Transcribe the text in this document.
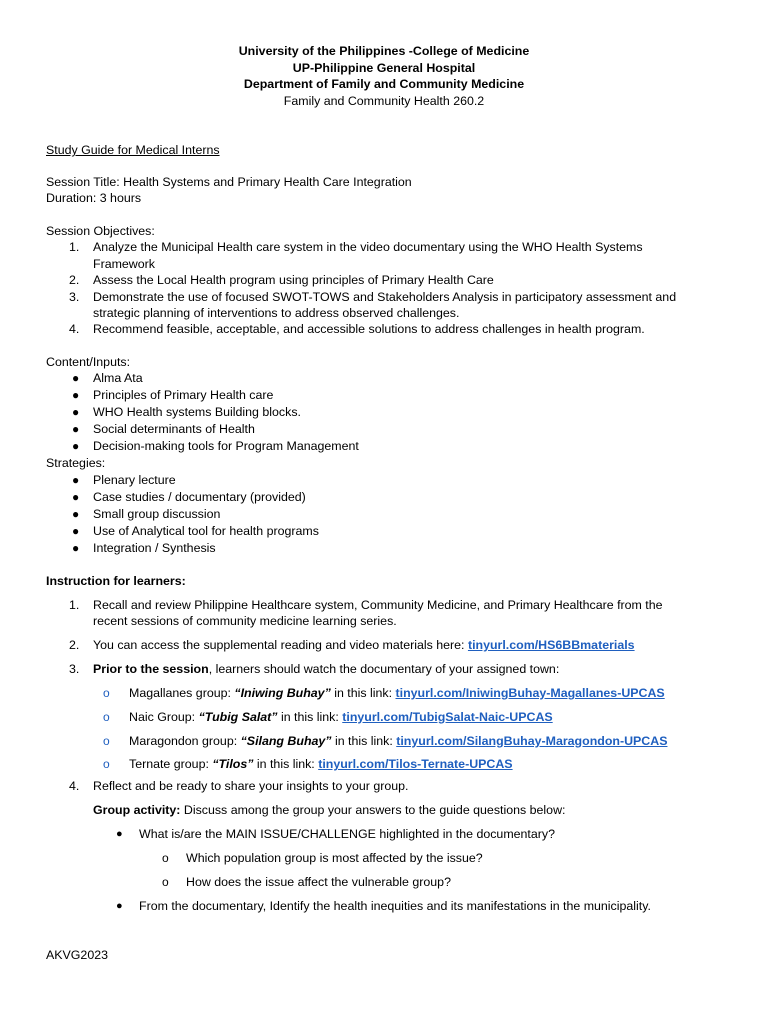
University of the Philippines -College of Medicine
UP-Philippine General Hospital
Department of Family and Community Medicine
Family and Community Health 260.2
Study Guide for Medical Interns
Session Title: Health Systems and Primary Health Care Integration
Duration: 3 hours
Session Objectives:
1. Analyze the Municipal Health care system in the video documentary using the WHO Health Systems
Framework
2. Assess the Local Health program using principles of Primary Health Care
3. Demonstrate the use of focused SWOT-TOWS and Stakeholders Analysis in participatory assessment and
strategic planning of interventions to address observed challenges.
4. Recommend feasible, acceptable, and accessible solutions to address challenges in health program.
Content/Inputs:
● Alma Ata
● Principles of Primary Health care
● WHO Health systems Building blocks.
● Social determinants of Health
● Decision-making tools for Program Management
Strategies:
● Plenary lecture
● Case studies / documentary (provided)
● Small group discussion
● Use of Analytical tool for health programs
● Integration / Synthesis
Instruction for learners:
1. Recall and review Philippine Healthcare system, Community Medicine, and Primary Healthcare from the
recent sessions of community medicine learning series.
2. You can access the supplemental reading and video materials here: tinyurl.com/HS6BBmaterials
3. Prior to the session, learners should watch the documentary of your assigned town:
o Magallanes group: “Iniwing Buhay” in this link: tinyurl.com/IniwingBuhay-Magallanes-UPCAS
o Naic Group: “Tubig Salat” in this link: tinyurl.com/TubigSalat-Naic-UPCAS
o Maragondon group: “Silang Buhay” in this link: tinyurl.com/SilangBuhay-Maragondon-UPCAS
o Ternate group: “Tilos” in this link: tinyurl.com/Tilos-Ternate-UPCAS
4. Reflect and be ready to share your insights to your group.
Group activity: Discuss among the group your answers to the guide questions below:
● What is/are the MAIN ISSUE/CHALLENGE highlighted in the documentary?
o Which population group is most affected by the issue?
o How does the issue affect the vulnerable group?
● From the documentary, Identify the health inequities and its manifestations in the municipality.
AKVG2023
